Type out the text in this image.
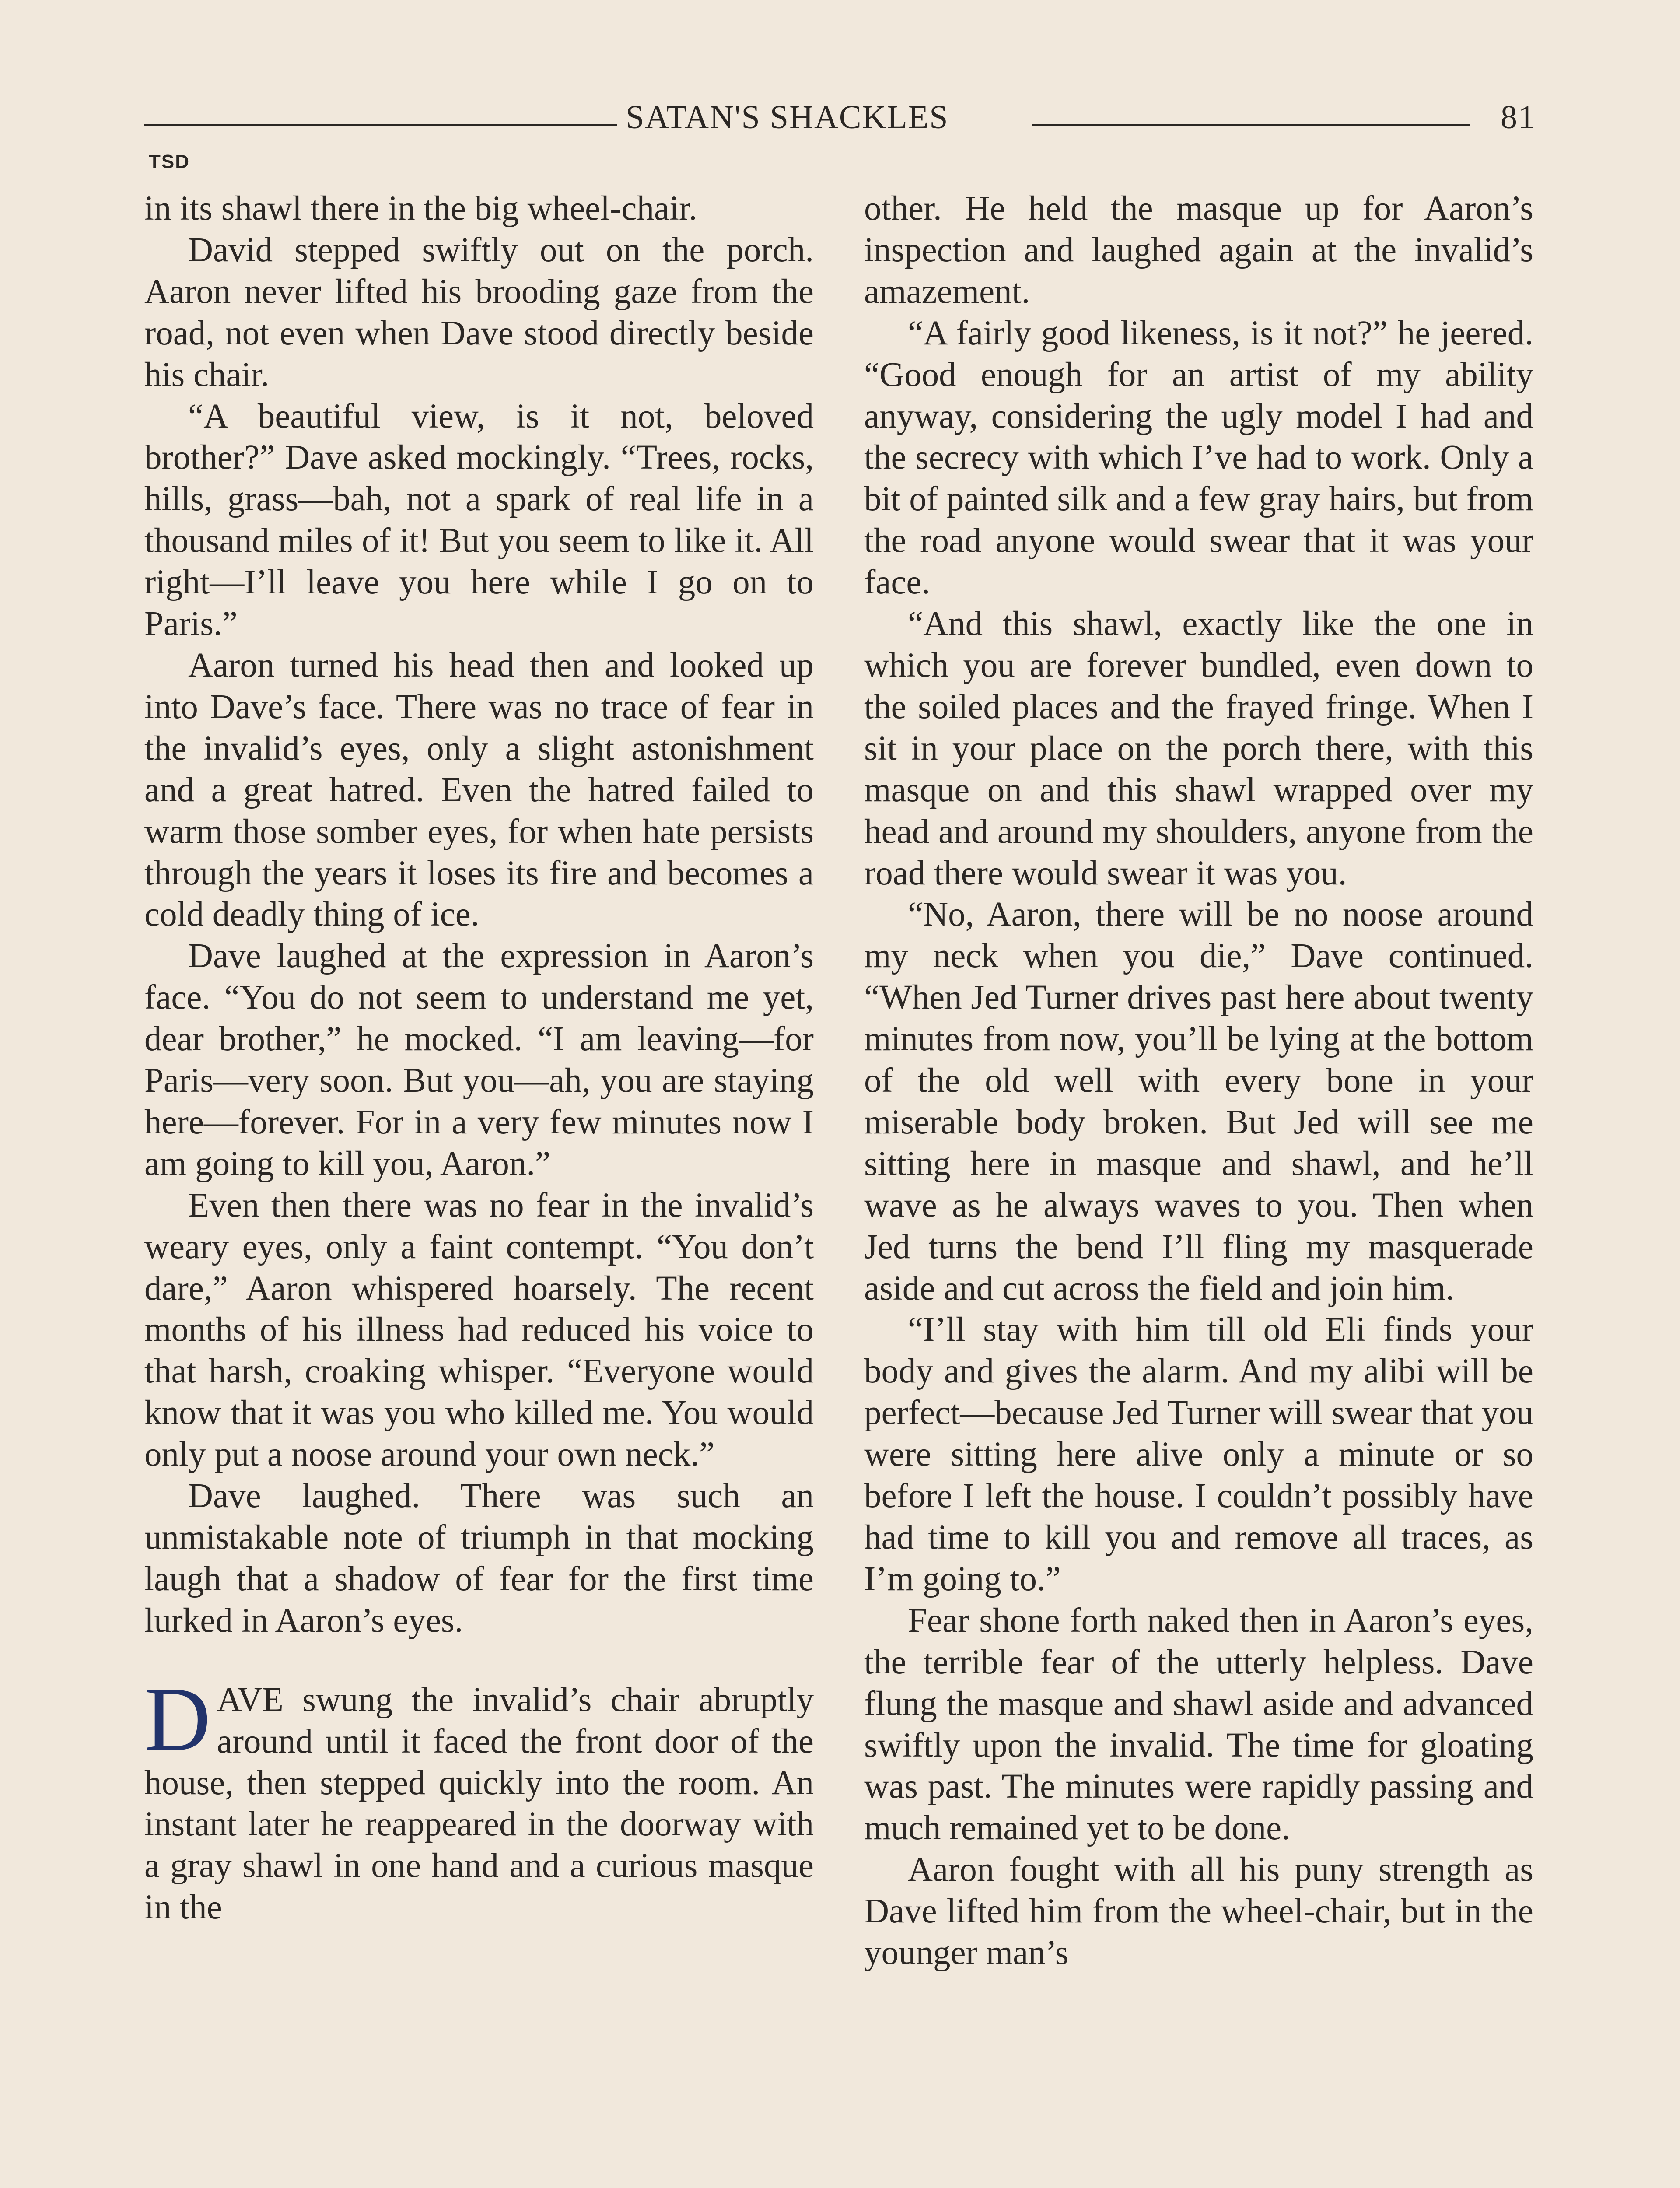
SATAN'S SHACKLES	81
TSD

in its shawl there in the big wheel-chair.

David stepped swiftly out on the porch. Aaron never lifted his brooding gaze from the road, not even when Dave stood directly beside his chair.

“A beautiful view, is it not, beloved brother?” Dave asked mockingly. “Trees, rocks, hills, grass—bah, not a spark of real life in a thousand miles of it! But you seem to like it. All right—I’ll leave you here while I go on to Paris.”

Aaron turned his head then and looked up into Dave’s face. There was no trace of fear in the invalid’s eyes, only a slight astonishment and a great hatred. Even the hatred failed to warm those somber eyes, for when hate persists through the years it loses its fire and becomes a cold deadly thing of ice.

Dave laughed at the expression in Aaron’s face. “You do not seem to understand me yet, dear brother,” he mocked. “I am leaving—for Paris—very soon. But you—ah, you are staying here—forever. For in a very few minutes now I am going to kill you, Aaron.”

Even then there was no fear in the invalid’s weary eyes, only a faint contempt. “You don’t dare,” Aaron whispered hoarsely. The recent months of his illness had reduced his voice to that harsh, croaking whisper. “Everyone would know that it was you who killed me. You would only put a noose around your own neck.”

Dave laughed. There was such an unmistakable note of triumph in that mocking laugh that a shadow of fear for the first time lurked in Aaron’s eyes.

DAVE swung the invalid’s chair abruptly around until it faced the front door of the house, then stepped quickly into the room. An instant later he reappeared in the doorway with a gray shawl in one hand and a curious masque in the

other. He held the masque up for Aaron’s inspection and laughed again at the invalid’s amazement.

“A fairly good likeness, is it not?” he jeered. “Good enough for an artist of my ability anyway, considering the ugly model I had and the secrecy with which I’ve had to work. Only a bit of painted silk and a few gray hairs, but from the road anyone would swear that it was your face.

“And this shawl, exactly like the one in which you are forever bundled, even down to the soiled places and the frayed fringe. When I sit in your place on the porch there, with this masque on and this shawl wrapped over my head and around my shoulders, anyone from the road there would swear it was you.

“No, Aaron, there will be no noose around my neck when you die,” Dave continued. “When Jed Turner drives past here about twenty minutes from now, you’ll be lying at the bottom of the old well with every bone in your miserable body broken. But Jed will see me sitting here in masque and shawl, and he’ll wave as he always waves to you. Then when Jed turns the bend I’ll fling my masquerade aside and cut across the field and join him.

“I’ll stay with him till old Eli finds your body and gives the alarm. And my alibi will be perfect—because Jed Turner will swear that you were sitting here alive only a minute or so before I left the house. I couldn’t possibly have had time to kill you and remove all traces, as I’m going to.”

Fear shone forth naked then in Aaron’s eyes, the terrible fear of the utterly helpless. Dave flung the masque and shawl aside and advanced swiftly upon the invalid. The time for gloating was past. The minutes were rapidly passing and much remained yet to be done.

Aaron fought with all his puny strength as Dave lifted him from the wheel-chair, but in the younger man’s
